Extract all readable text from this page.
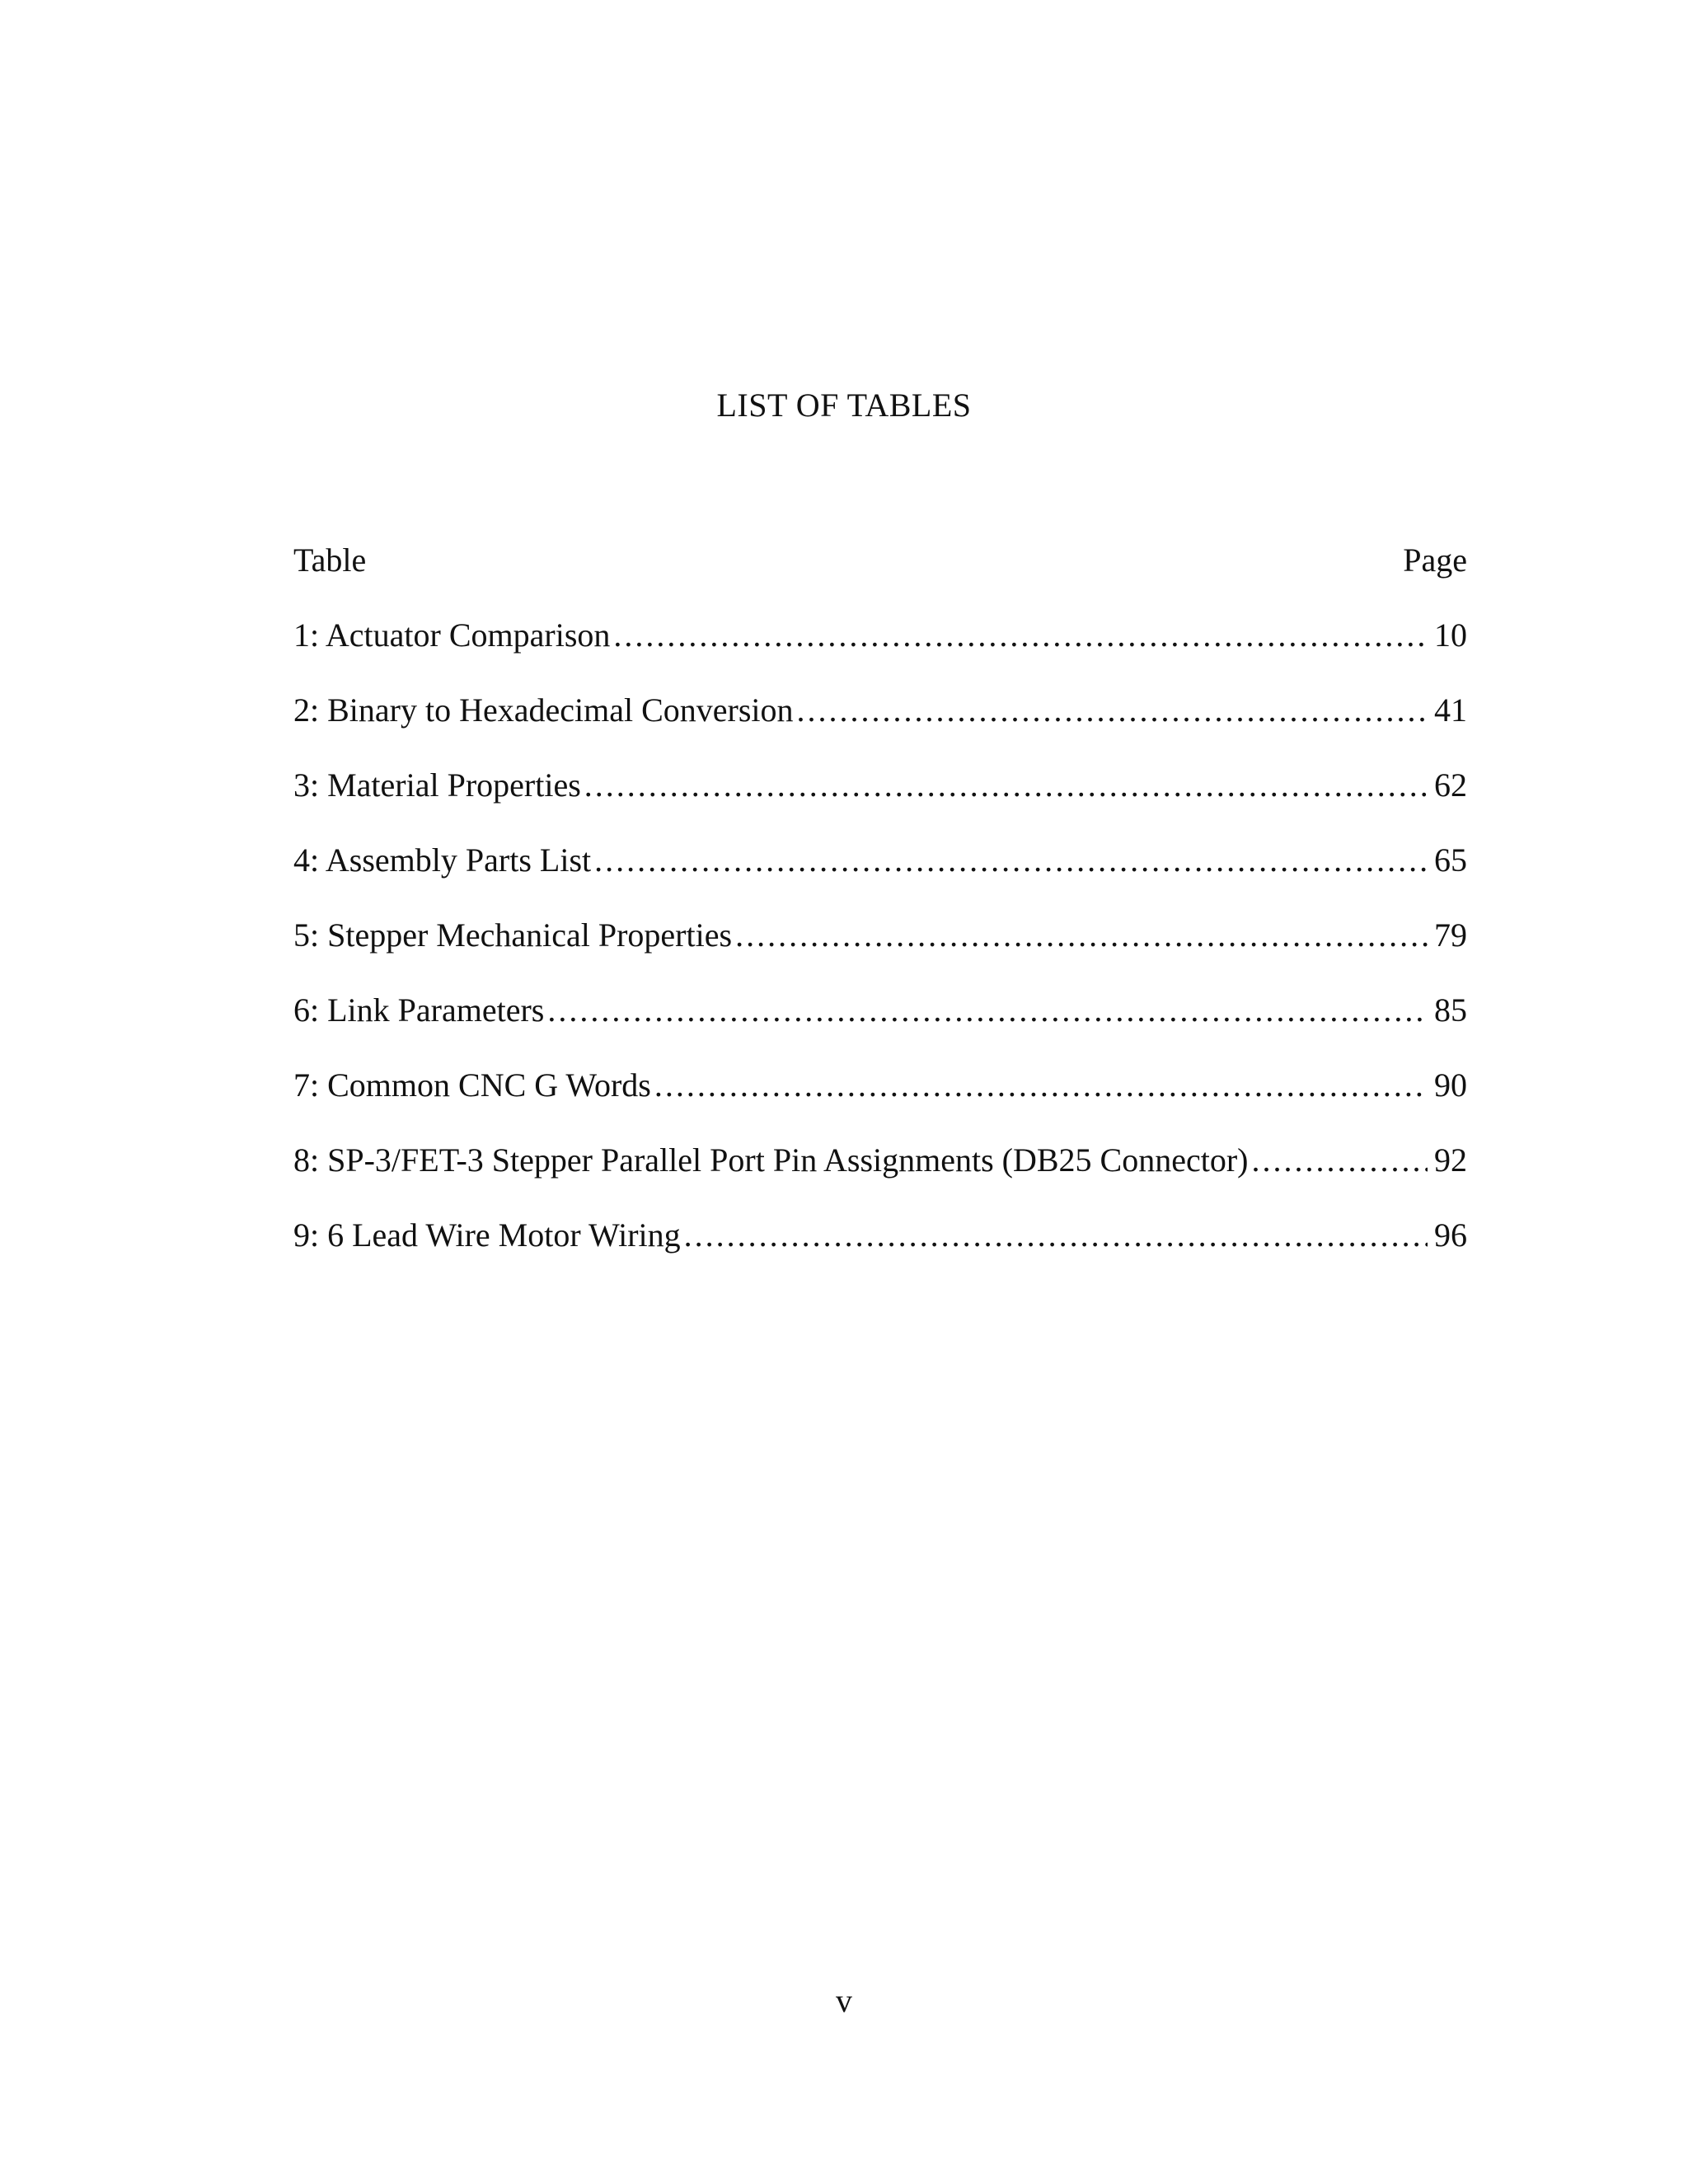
LIST OF TABLES
Table	Page
1: Actuator Comparison .....	10
2: Binary to Hexadecimal Conversion .....	41
3: Material Properties .....	62
4: Assembly Parts List .....	65
5: Stepper Mechanical Properties .....	79
6: Link Parameters .....	85
7: Common CNC G Words .....	90
8: SP-3/FET-3 Stepper Parallel Port Pin Assignments (DB25 Connector) .....	92
9: 6 Lead Wire Motor Wiring .....	96
v
